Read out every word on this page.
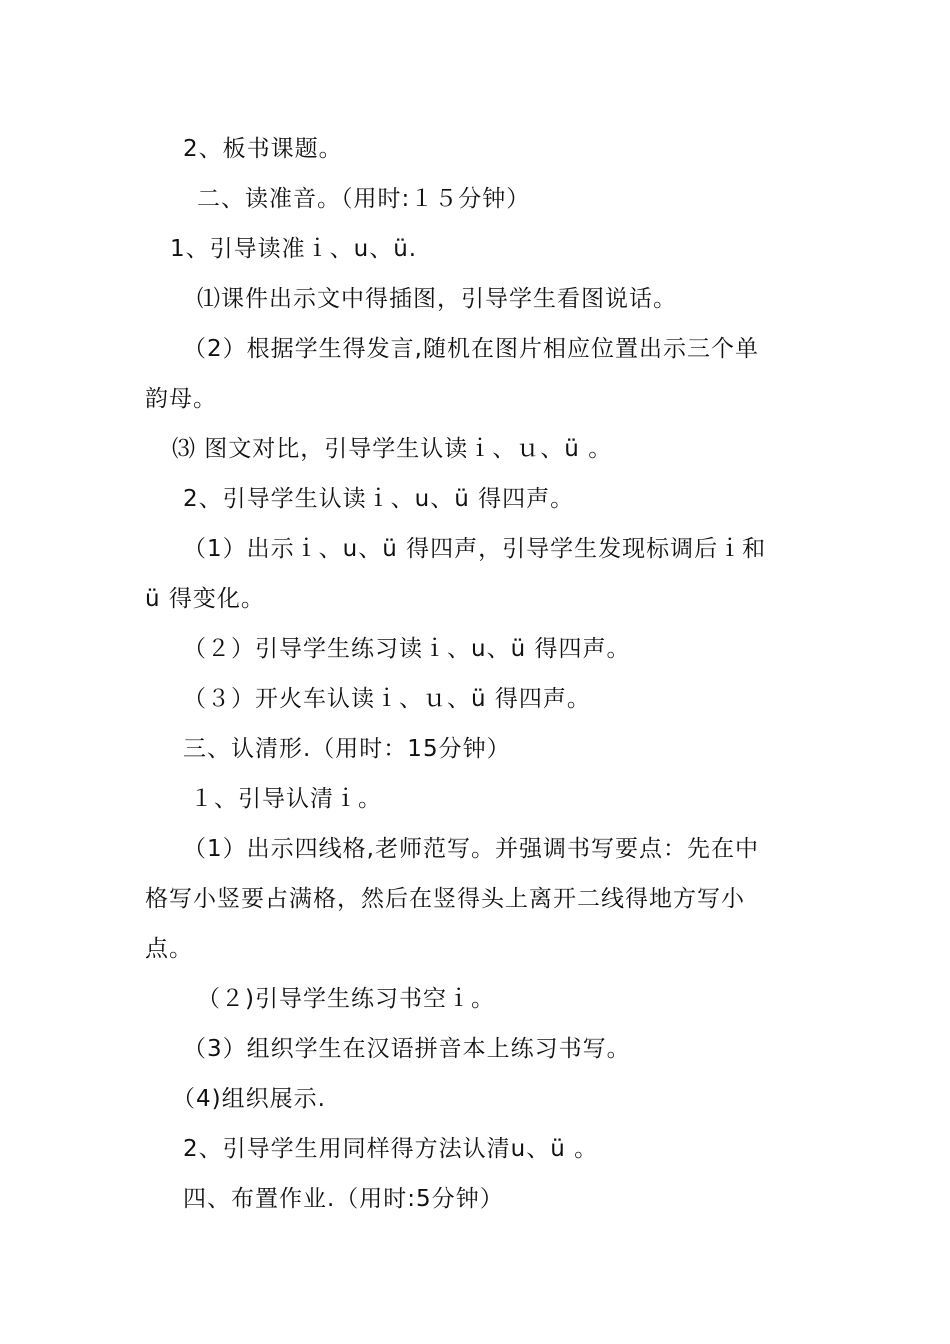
2、板书课题。
二、读准音。（用时:１５分钟）
1、引导读准ｉ、u、ü.
⑴课件出示文中得插图，引导学生看图说话。
（2）根据学生得发言,随机在图片相应位置出示三个单
韵母。
⑶ 图文对比，引导学生认读ｉ、ｕ、ü 。
2、引导学生认读ｉ、u、ü 得四声。
（1）出示ｉ、u、ü 得四声，引导学生发现标调后ｉ和
ü 得变化。
（２）引导学生练习读ｉ、u、ü 得四声。
（３）开火车认读ｉ、ｕ、ü 得四声。
三、认清形.（用时：15分钟）
１、引导认清ｉ。
（1）出示四线格,老师范写。并强调书写要点：先在中
格写小竖要占满格，然后在竖得头上离开二线得地方写小
点。
（２)引导学生练习书空ｉ。
（3）组织学生在汉语拼音本上练习书写。
（4)组织展示.
2、引导学生用同样得方法认清u、ü 。
四、布置作业.（用时:5分钟）
